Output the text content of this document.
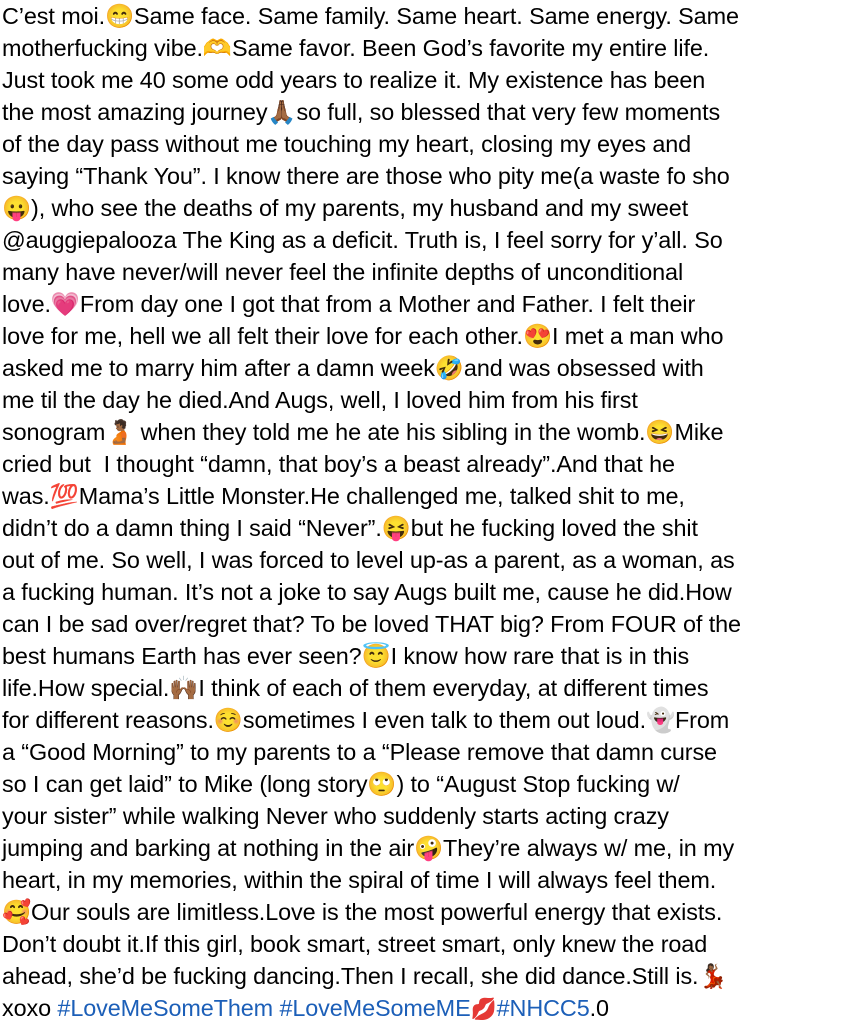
C’est moi.😁Same face. Same family. Same heart. Same energy. Same
motherfucking vibe.🫶Same favor. Been God’s favorite my entire life.
Just took me 40 some odd years to realize it. My existence has been
the most amazing journey🙏🏾so full, so blessed that very few moments
of the day pass without me touching my heart, closing my eyes and
saying “Thank You”. I know there are those who pity me(a waste fo sho
😛), who see the deaths of my parents, my husband and my sweet
@auggiepalooza The King as a deficit. Truth is, I feel sorry for y’all. So
many have never/will never feel the infinite depths of unconditional
love.💗From day one I got that from a Mother and Father. I felt their
love for me, hell we all felt their love for each other.😍I met a man who
asked me to marry him after a damn week🤣and was obsessed with
me til the day he died.And Augs, well, I loved him from his first
sonogram🫄🏾 when they told me he ate his sibling in the womb.😆Mike
cried but  I thought “damn, that boy’s a beast already”.And that he
was.💯Mama’s Little Monster.He challenged me, talked shit to me,
didn’t do a damn thing I said “Never”.😝but he fucking loved the shit
out of me. So well, I was forced to level up-as a parent, as a woman, as
a fucking human. It’s not a joke to say Augs built me, cause he did.How
can I be sad over/regret that? To be loved THAT big? From FOUR of the
best humans Earth has ever seen?😇I know how rare that is in this
life.How special.🙌🏾I think of each of them everyday, at different times
for different reasons.☺️sometimes I even talk to them out loud.👻From
a “Good Morning” to my parents to a “Please remove that damn curse
so I can get laid” to Mike (long story🙄) to “August Stop fucking w/
your sister” while walking Never who suddenly starts acting crazy
jumping and barking at nothing in the air🤪They’re always w/ me, in my
heart, in my memories, within the spiral of time I will always feel them.
🥰Our souls are limitless.Love is the most powerful energy that exists.
Don’t doubt it.If this girl, book smart, street smart, only knew the road
ahead, she’d be fucking dancing.Then I recall, she did dance.Still is.💃🏾
xoxo #LoveMeSomeThem #LoveMeSomeME💋#NHCC5.0
